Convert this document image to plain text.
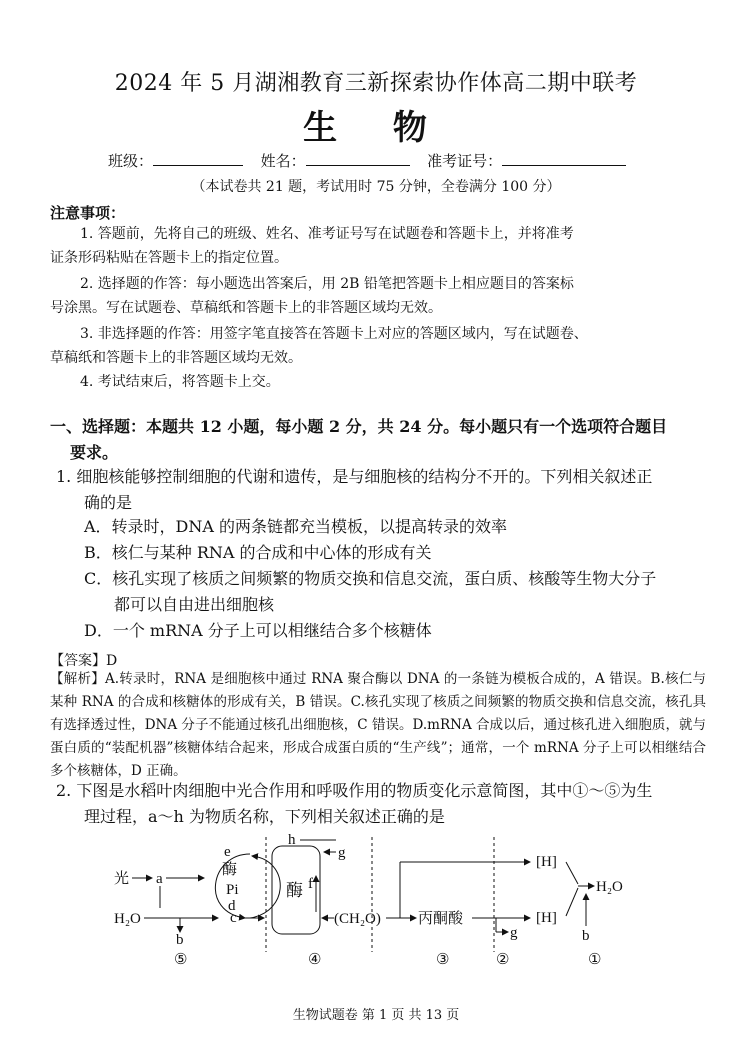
2024 年 5 月湖湘教育三新探索协作体高二期中联考
生 物
班级：	姓名：	准考证号：
（本试卷共 21 题，考试用时 75 分钟，全卷满分 100 分）
注意事项：
1. 答题前，先将自己的班级、姓名、准考证号写在试题卷和答题卡上，并将准考
证条形码粘贴在答题卡上的指定位置。
2. 选择题的作答：每小题选出答案后，用 2B 铅笔把答题卡上相应题目的答案标
号涂黑。写在试题卷、草稿纸和答题卡上的非答题区域均无效。
3. 非选择题的作答：用签字笔直接答在答题卡上对应的答题区域内，写在试题卷、
草稿纸和答题卡上的非答题区域均无效。
4. 考试结束后，将答题卡上交。
一、选择题：本题共 12 小题，每小题 2 分，共 24 分。每小题只有一个选项符合题目
要求。
1. 细胞核能够控制细胞的代谢和遗传，是与细胞核的结构分不开的。下列相关叙述正
确的是
A．转录时，DNA 的两条链都充当模板，以提高转录的效率
B．核仁与某种 RNA 的合成和中心体的形成有关
C．核孔实现了核质之间频繁的物质交换和信息交流，蛋白质、核酸等生物大分子
都可以自由进出细胞核
D．一个 mRNA 分子上可以相继结合多个核糖体
【答案】D
【解析】A.转录时，RNA 是细胞核中通过 RNA 聚合酶以 DNA 的一条链为模板合成的，A 错误。B.核仁与某种 RNA 的合成和核糖体的形成有关，B 错误。C.核孔实现了核质之间频繁的物质交换和信息交流，核孔具有选择透过性，DNA 分子不能通过核孔出细胞核，C 错误。D.mRNA 合成以后，通过核孔进入细胞质，就与蛋白质的“装配机器”核糖体结合起来，形成合成蛋白质的“生产线”；通常，一个 mRNA 分子上可以相继结合多个核糖体，D 正确。
2. 下图是水稻叶肉细胞中光合作用和呼吸作用的物质变化示意简图，其中①～⑤为生
理过程，a～h 为物质名称，下列相关叙述正确的是
光 a
H₂O
b
e
酶
Pi
d
c
酶
h
g
f
(CH₂O) 丙酮酸
g
[H]
[H]
H₂O
b
⑤	④	③	②	①
生物试题卷 第 1 页 共 13 页
